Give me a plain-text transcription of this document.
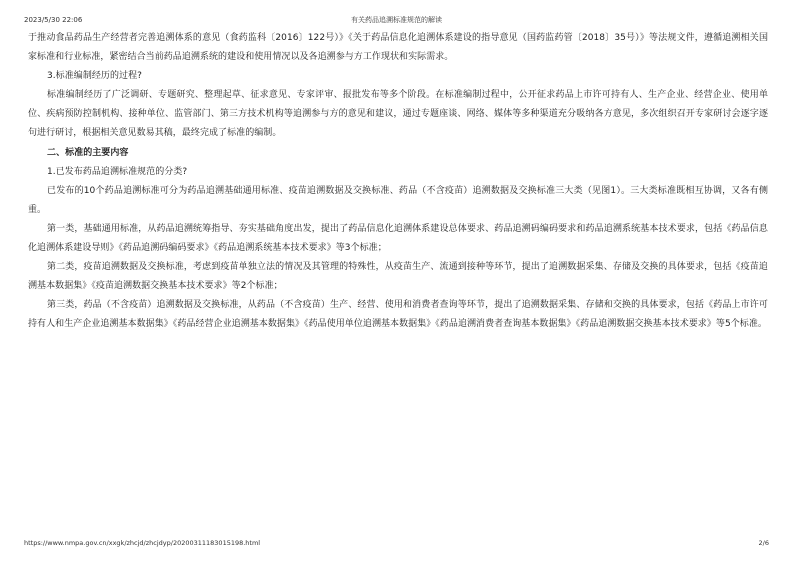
2023/5/30 22:06	有关药品追溯标准规范的解读

于推动食品药品生产经营者完善追溯体系的意见（食药监科〔2016〕122号）》《关于药品信息化追溯体系建设的指导意见（国药监药管〔2018〕35号）》等法规文件，遵循追溯相关国家标准和行业标准，紧密结合当前药品追溯系统的建设和使用情况以及各追溯参与方工作现状和实际需求。

3.标准编制经历的过程?

标准编制经历了广泛调研、专题研究、整理起草、征求意见、专家评审、报批发布等多个阶段。在标准编制过程中，公开征求药品上市许可持有人、生产企业、经营企业、使用单位、疾病预防控制机构、接种单位、监管部门、第三方技术机构等追溯参与方的意见和建议，通过专题座谈、网络、媒体等多种渠道充分吸纳各方意见，多次组织召开专家研讨会逐字逐句进行研讨，根据相关意见数易其稿，最终完成了标准的编制。

二、标准的主要内容

1.已发布药品追溯标准规范的分类?

已发布的10个药品追溯标准可分为药品追溯基础通用标准、疫苗追溯数据及交换标准、药品（不含疫苗）追溯数据及交换标准三大类（见图1）。三大类标准既相互协调，又各有侧重。

第一类，基础通用标准，从药品追溯统筹指导、夯实基础角度出发，提出了药品信息化追溯体系建设总体要求、药品追溯码编码要求和药品追溯系统基本技术要求，包括《药品信息化追溯体系建设导则》《药品追溯码编码要求》《药品追溯系统基本技术要求》等3个标准；

第二类，疫苗追溯数据及交换标准，考虑到疫苗单独立法的情况及其管理的特殊性，从疫苗生产、流通到接种等环节，提出了追溯数据采集、存储及交换的具体要求，包括《疫苗追溯基本数据集》《疫苗追溯数据交换基本技术要求》等2个标准；

第三类，药品（不含疫苗）追溯数据及交换标准，从药品（不含疫苗）生产、经营、使用和消费者查询等环节，提出了追溯数据采集、存储和交换的具体要求，包括《药品上市许可持有人和生产企业追溯基本数据集》《药品经营企业追溯基本数据集》《药品使用单位追溯基本数据集》《药品追溯消费者查询基本数据集》《药品追溯数据交换基本技术要求》等5个标准。

https://www.nmpa.gov.cn/xxgk/zhcjd/zhcjdyp/20200311183015198.html	2/6
